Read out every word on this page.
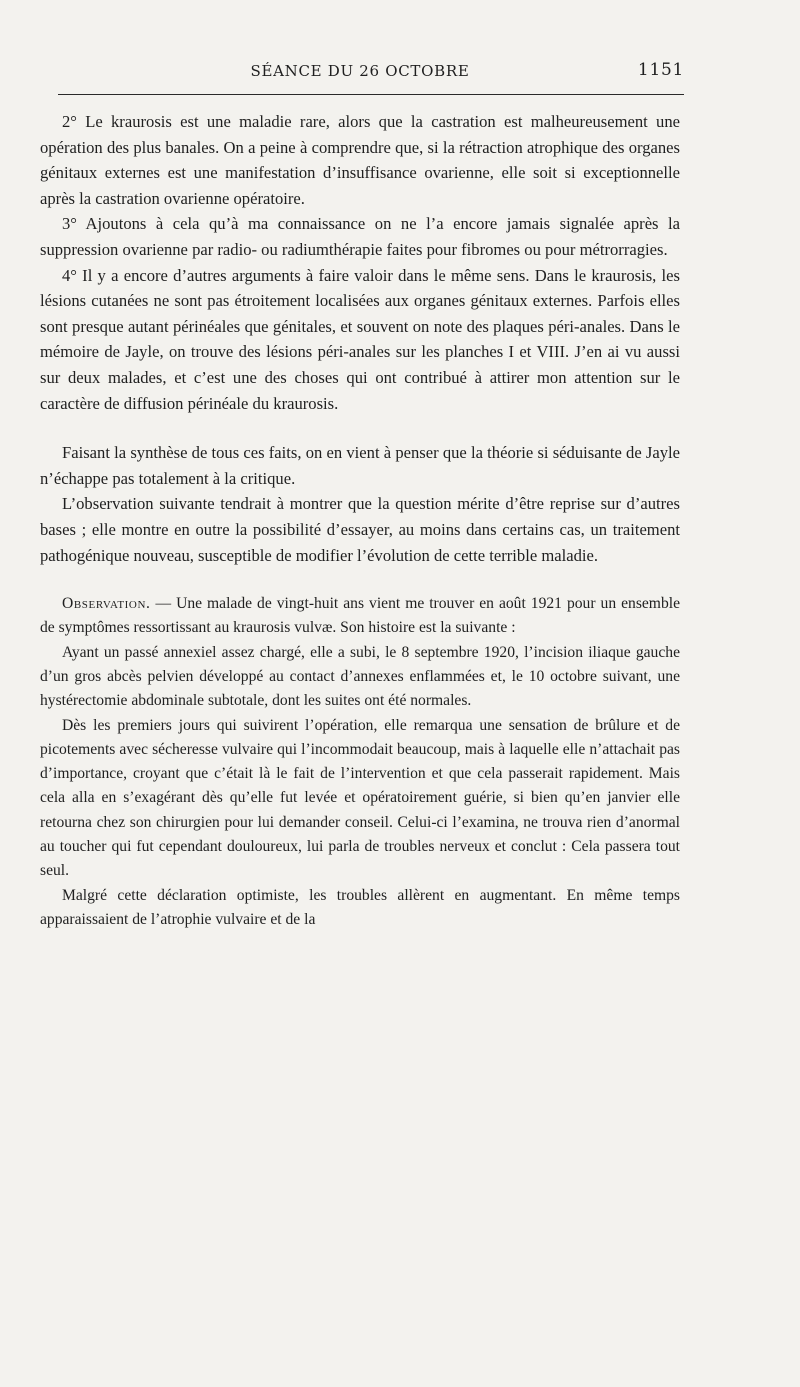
SÉANCE DU 26 OCTOBRE	1151

2° Le kraurosis est une maladie rare, alors que la castration est malheureusement une opération des plus banales. On a peine à comprendre que, si la rétraction atrophique des organes génitaux externes est une manifestation d’insuffisance ovarienne, elle soit si exceptionnelle après la castration ovarienne opératoire.

3° Ajoutons à cela qu’à ma connaissance on ne l’a encore jamais signalée après la suppression ovarienne par radio- ou radiumthérapie faites pour fibromes ou pour métrorragies.

4° Il y a encore d’autres arguments à faire valoir dans le même sens. Dans le kraurosis, les lésions cutanées ne sont pas étroitement localisées aux organes génitaux externes. Parfois elles sont presque autant périnéales que génitales, et souvent on note des plaques péri-anales. Dans le mémoire de Jayle, on trouve des lésions péri-anales sur les planches I et VIII. J’en ai vu aussi sur deux malades, et c’est une des choses qui ont contribué à attirer mon attention sur le caractère de diffusion périnéale du kraurosis.

Faisant la synthèse de tous ces faits, on en vient à penser que la théorie si séduisante de Jayle n’échappe pas totalement à la critique.

L’observation suivante tendrait à montrer que la question mérite d’être reprise sur d’autres bases ; elle montre en outre la possibilité d’essayer, au moins dans certains cas, un traitement pathogénique nouveau, susceptible de modifier l’évolution de cette terrible maladie.

Observation. — Une malade de vingt-huit ans vient me trouver en août 1921 pour un ensemble de symptômes ressortissant au kraurosis vulvæ. Son histoire est la suivante :

Ayant un passé annexiel assez chargé, elle a subi, le 8 septembre 1920, l’incision iliaque gauche d’un gros abcès pelvien développé au contact d’annexes enflammées et, le 10 octobre suivant, une hystérectomie abdominale subtotale, dont les suites ont été normales.

Dès les premiers jours qui suivirent l’opération, elle remarqua une sensation de brûlure et de picotements avec sécheresse vulvaire qui l’incommodait beaucoup, mais à laquelle elle n’attachait pas d’importance, croyant que c’était là le fait de l’intervention et que cela passerait rapidement. Mais cela alla en s’exagérant dès qu’elle fut levée et opératoirement guérie, si bien qu’en janvier elle retourna chez son chirurgien pour lui demander conseil. Celui-ci l’examina, ne trouva rien d’anormal au toucher qui fut cependant douloureux, lui parla de troubles nerveux et conclut : Cela passera tout seul.

Malgré cette déclaration optimiste, les troubles allèrent en augmentant. En même temps apparaissaient de l’atrophie vulvaire et de la
